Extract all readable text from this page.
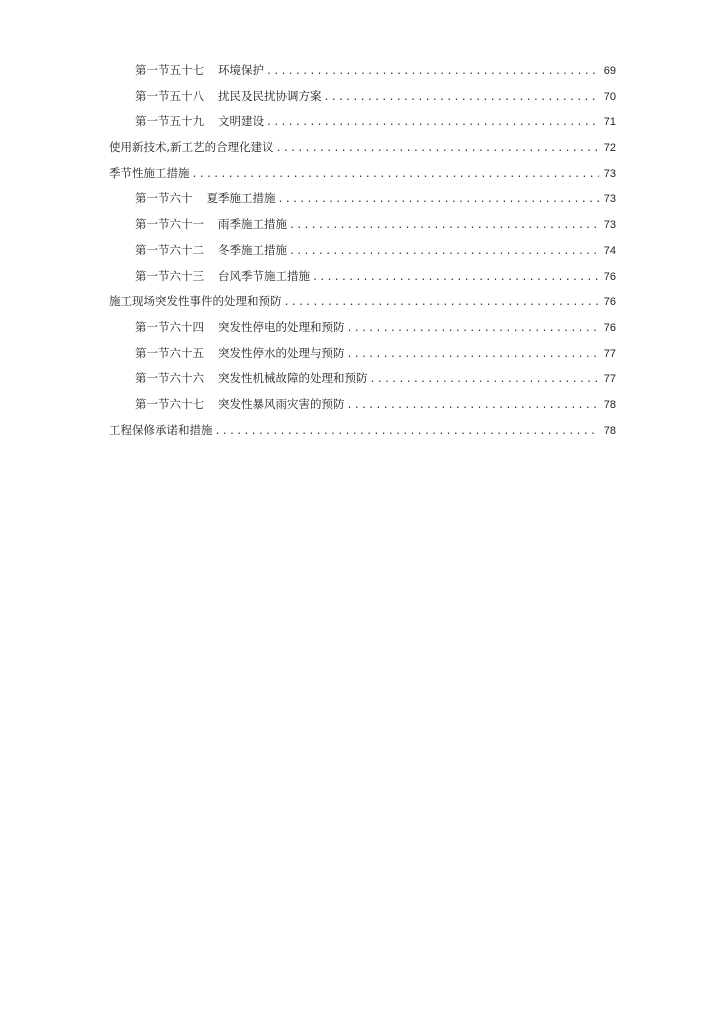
第一节五十七 环境保护 .....	69
第一节五十八 扰民及民扰协调方案 .....	70
第一节五十九 文明建设 .....	71
使用新技术,新工艺的合理化建议 .....	72
季节性施工措施 .....	73
第一节六十 夏季施工措施 .....	73
第一节六十一 雨季施工措施 .....	73
第一节六十二 冬季施工措施 .....	74
第一节六十三 台风季节施工措施 .....	76
施工现场突发性事件的处理和预防 .....	76
第一节六十四 突发性停电的处理和预防 .....	76
第一节六十五 突发性停水的处理与预防 .....	77
第一节六十六 突发性机械故障的处理和预防 .....	77
第一节六十七 突发性暴风雨灾害的预防 .....	78
工程保修承诺和措施 .....	78
